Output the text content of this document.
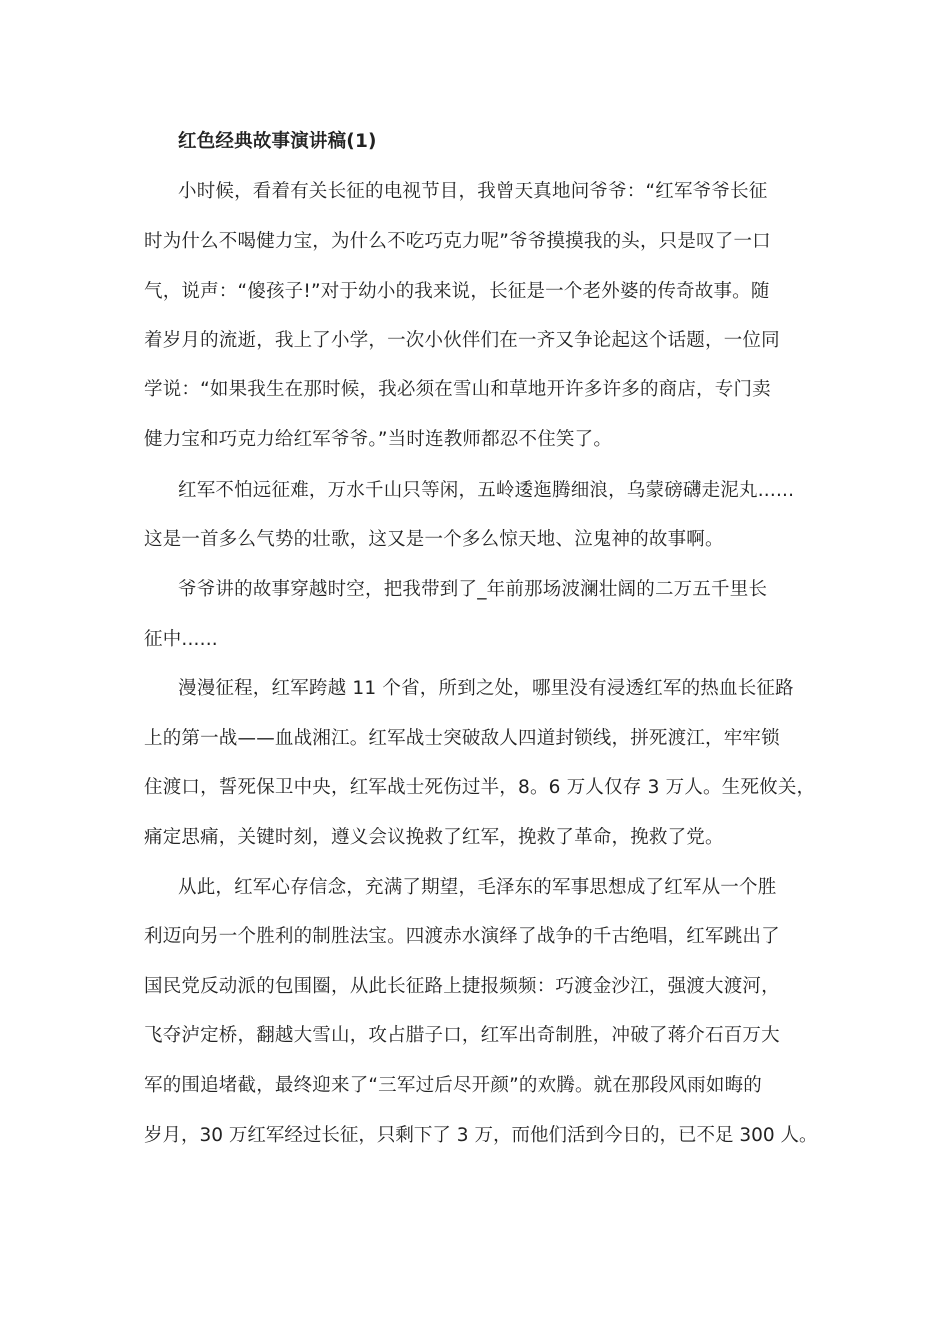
红色经典故事演讲稿(1)
小时候，看着有关长征的电视节目，我曾天真地问爷爷：“红军爷爷长征
时为什么不喝健力宝，为什么不吃巧克力呢”爷爷摸摸我的头，只是叹了一口
气，说声：“傻孩子!”对于幼小的我来说，长征是一个老外婆的传奇故事。随
着岁月的流逝，我上了小学，一次小伙伴们在一齐又争论起这个话题，一位同
学说：“如果我生在那时候，我必须在雪山和草地开许多许多的商店，专门卖
健力宝和巧克力给红军爷爷。”当时连教师都忍不住笑了。
红军不怕远征难，万水千山只等闲，五岭逶迤腾细浪，乌蒙磅礴走泥丸......
这是一首多么气势的壮歌，这又是一个多么惊天地、泣鬼神的故事啊。
爷爷讲的故事穿越时空，把我带到了_年前那场波澜壮阔的二万五千里长
征中......
漫漫征程，红军跨越 11 个省，所到之处，哪里没有浸透红军的热血长征路
上的第一战——血战湘江。红军战士突破敌人四道封锁线，拼死渡江，牢牢锁
住渡口，誓死保卫中央，红军战士死伤过半，8。6 万人仅存 3 万人。生死攸关，
痛定思痛，关键时刻，遵义会议挽救了红军，挽救了革命，挽救了党。
从此，红军心存信念，充满了期望，毛泽东的军事思想成了红军从一个胜
利迈向另一个胜利的制胜法宝。四渡赤水演绎了战争的千古绝唱，红军跳出了
国民党反动派的包围圈，从此长征路上捷报频频：巧渡金沙江，强渡大渡河，
飞夺泸定桥，翻越大雪山，攻占腊子口，红军出奇制胜，冲破了蒋介石百万大
军的围追堵截，最终迎来了“三军过后尽开颜”的欢腾。就在那段风雨如晦的
岁月，30 万红军经过长征，只剩下了 3 万，而他们活到今日的，已不足 300 人。
